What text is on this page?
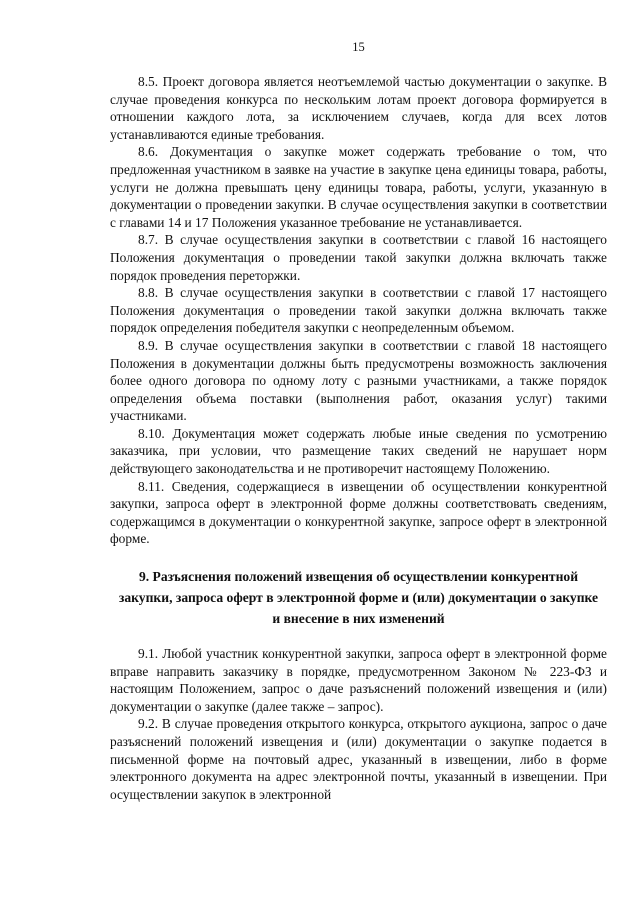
15

8.5. Проект договора является неотъемлемой частью документации о закупке. В случае проведения конкурса по нескольким лотам проект договора формируется в отношении каждого лота, за исключением случаев, когда для всех лотов устанавливаются единые требования.

8.6. Документация о закупке может содержать требование о том, что предложенная участником в заявке на участие в закупке цена единицы товара, работы, услуги не должна превышать цену единицы товара, работы, услуги, указанную в документации о проведении закупки. В случае осуществления закупки в соответствии с главами 14 и 17 Положения указанное требование не устанавливается.

8.7. В случае осуществления закупки в соответствии с главой 16 настоящего Положения документация о проведении такой закупки должна включать также порядок проведения переторжки.

8.8. В случае осуществления закупки в соответствии с главой 17 настоящего Положения документация о проведении такой закупки должна включать также порядок определения победителя закупки с неопределенным объемом.

8.9. В случае осуществления закупки в соответствии с главой 18 настоящего Положения в документации должны быть предусмотрены возможность заключения более одного договора по одному лоту с разными участниками, а также порядок определения объема поставки (выполнения работ, оказания услуг) такими участниками.

8.10. Документация может содержать любые иные сведения по усмотрению заказчика, при условии, что размещение таких сведений не нарушает норм действующего законодательства и не противоречит настоящему Положению.

8.11. Сведения, содержащиеся в извещении об осуществлении конкурентной закупки, запроса оферт в электронной форме должны соответствовать сведениям, содержащимся в документации о конкурентной закупке, запросе оферт в электронной форме.

9. Разъяснения положений извещения об осуществлении конкурентной закупки, запроса оферт в электронной форме и (или) документации о закупке и внесение в них изменений

9.1. Любой участник конкурентной закупки, запроса оферт в электронной форме вправе направить заказчику в порядке, предусмотренном Законом № 223-ФЗ и настоящим Положением, запрос о даче разъяснений положений извещения и (или) документации о закупке (далее также – запрос).

9.2. В случае проведения открытого конкурса, открытого аукциона, запрос о даче разъяснений положений извещения и (или) документации о закупке подается в письменной форме на почтовый адрес, указанный в извещении, либо в форме электронного документа на адрес электронной почты, указанный в извещении. При осуществлении закупок в электронной
